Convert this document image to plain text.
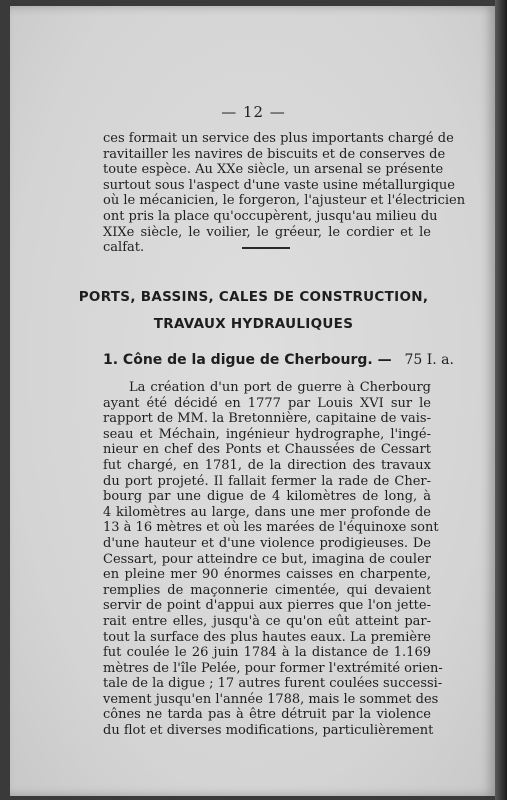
— 12 —
ces formait un service des plus importants chargé de
ravitailler les navires de biscuits et de conserves de
toute espèce. Au XXe siècle, un arsenal se présente
surtout sous l'aspect d'une vaste usine métallurgique
où le mécanicien, le forgeron, l'ajusteur et l'électricien
ont pris la place qu'occupèrent, jusqu'au milieu du
XIXe siècle, le voilier, le gréeur, le cordier et le
calfat.
PORTS, BASSINS, CALES DE CONSTRUCTION,
TRAVAUX HYDRAULIQUES
1. Cône de la digue de Cherbourg. — 75 I. a.
La création d'un port de guerre à Cherbourg
ayant été décidé en 1777 par Louis XVI sur le
rapport de MM. la Bretonnière, capitaine de vais-
seau et Méchain, ingénieur hydrographe, l'ingé-
nieur en chef des Ponts et Chaussées de Cessart
fut chargé, en 1781, de la direction des travaux
du port projeté. Il fallait fermer la rade de Cher-
bourg par une digue de 4 kilomètres de long, à
4 kilomètres au large, dans une mer profonde de
13 à 16 mètres et où les marées de l'équinoxe sont
d'une hauteur et d'une violence prodigieuses. De
Cessart, pour atteindre ce but, imagina de couler
en pleine mer 90 énormes caisses en charpente,
remplies de maçonnerie cimentée, qui devaient
servir de point d'appui aux pierres que l'on jette-
rait entre elles, jusqu'à ce qu'on eût atteint par-
tout la surface des plus hautes eaux. La première
fut coulée le 26 juin 1784 à la distance de 1.169
mètres de l'île Pelée, pour former l'extrémité orien-
tale de la digue ; 17 autres furent coulées successi-
vement jusqu'en l'année 1788, mais le sommet des
cônes ne tarda pas à être détruit par la violence
du flot et diverses modifications, particulièrement
